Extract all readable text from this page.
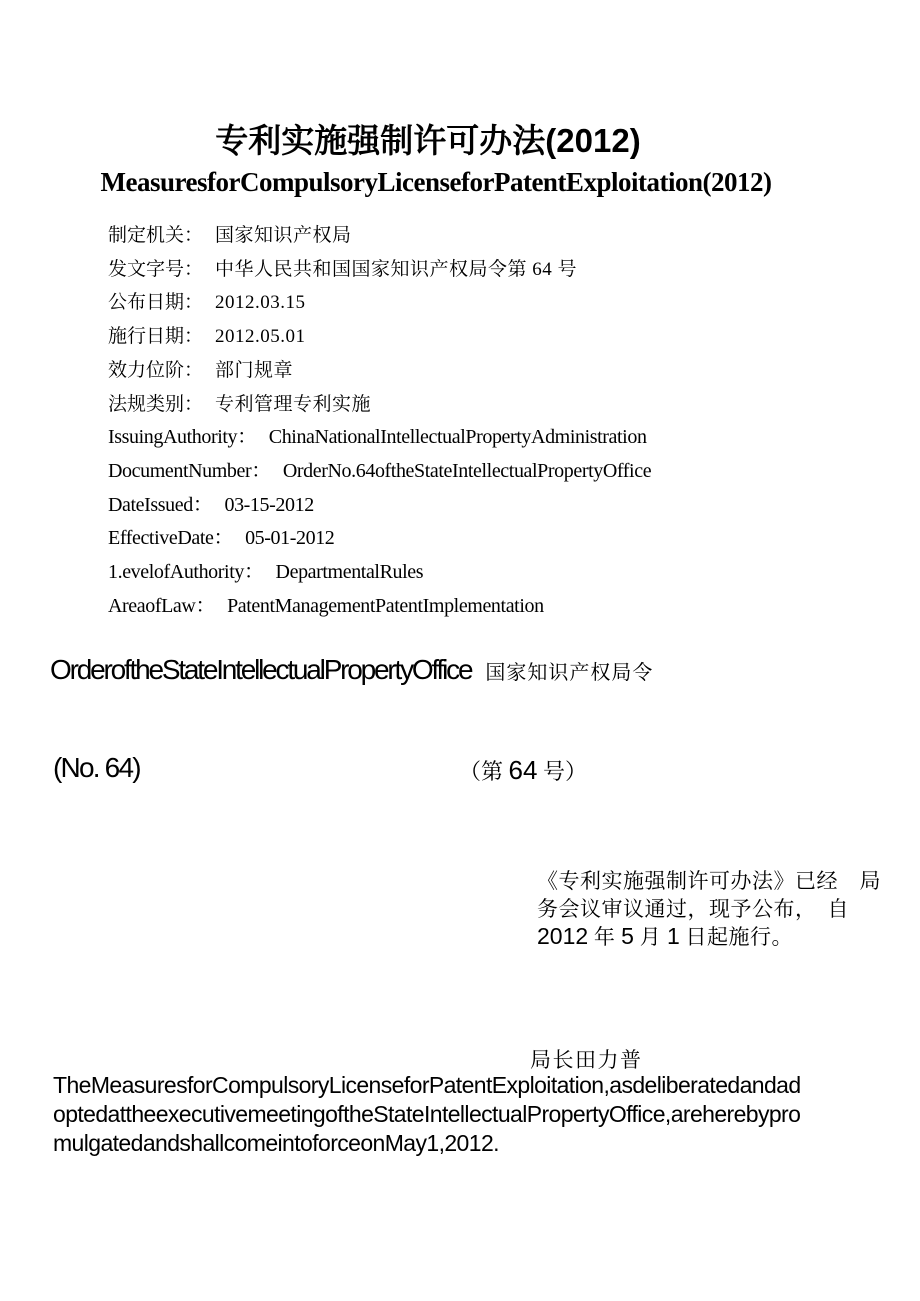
专利实施强制许可办法(2012)
MeasuresforCompulsoryLicenseforPatentExploitation(2012)
制定机关： 国家知识产权局
发文字号： 中华人民共和国国家知识产权局令第 64 号
公布日期： 2012.03.15
施行日期： 2012.05.01
效力位阶： 部门规章
法规类别： 专利管理专利实施
IssuingAuthority： ChinaNationalIntellectualPropertyAdministration
DocumentNumber： OrderNo.64oftheStateIntellectualPropertyOffice
DateIssued： 03-15-2012
EffectiveDate： 05-01-2012
1.evelofAuthority： DepartmentalRules
AreaofLaw： PatentManagementPatentImplementation
OrderoftheStateIntellectualPropertyOffice 国家知识产权局令
(No. 64)	（第 64 号）
《专利实施强制许可办法》已经　局
务会议审议通过，现予公布，　自
2012 年 5 月 1 日起施行。
局长田力普
TheMeasuresforCompulsoryLicenseforPatentExploitation,asdeliberatedandad
optedattheexecutivemeetingoftheStateIntellectualPropertyOffice,areherebypro
mulgatedandshallcomeintoforceonMay1,2012.
